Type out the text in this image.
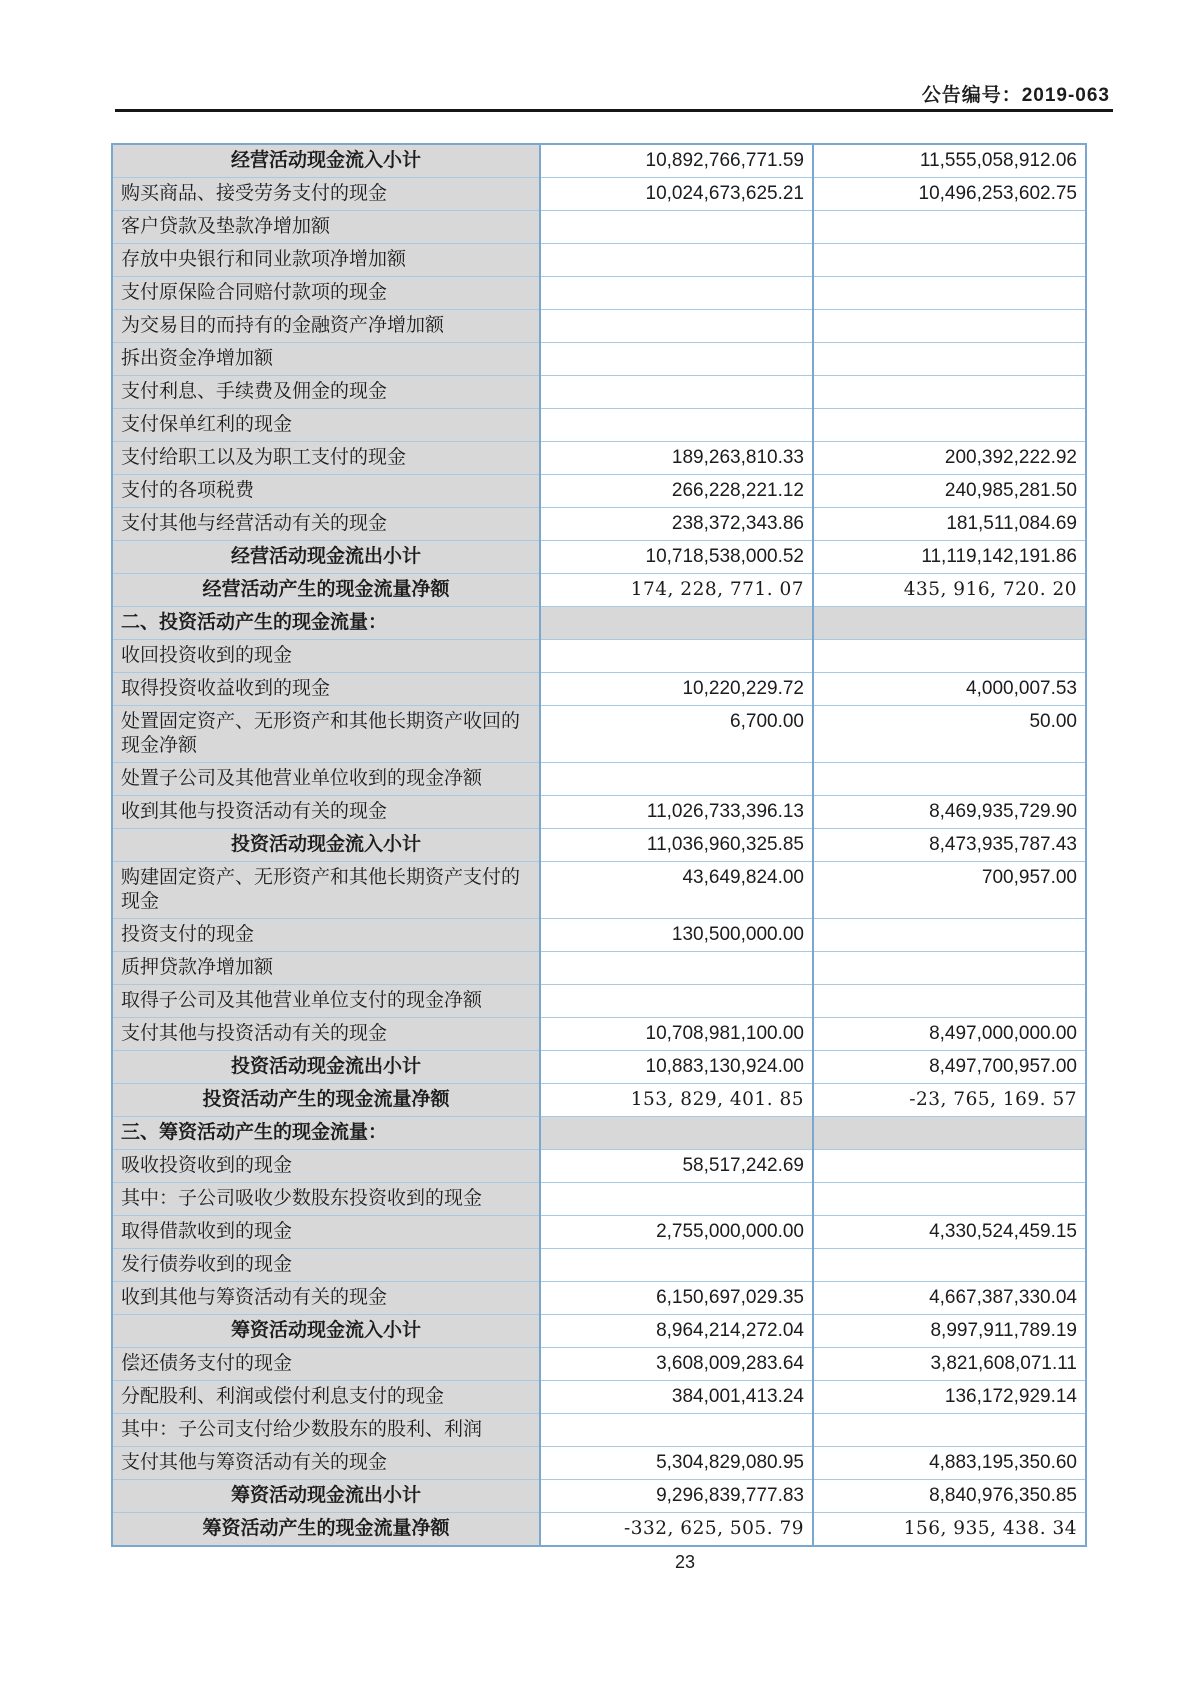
公告编号：2019-063
经营活动现金流入小计	10,892,766,771.59	11,555,058,912.06
购买商品、接受劳务支付的现金	10,024,673,625.21	10,496,253,602.75
客户贷款及垫款净增加额		
存放中央银行和同业款项净增加额		
支付原保险合同赔付款项的现金		
为交易目的而持有的金融资产净增加额		
拆出资金净增加额		
支付利息、手续费及佣金的现金		
支付保单红利的现金		
支付给职工以及为职工支付的现金	189,263,810.33	200,392,222.92
支付的各项税费	266,228,221.12	240,985,281.50
支付其他与经营活动有关的现金	238,372,343.86	181,511,084.69
经营活动现金流出小计	10,718,538,000.52	11,119,142,191.86
经营活动产生的现金流量净额	174, 228, 771. 07	435, 916, 720. 20
二、投资活动产生的现金流量：		
收回投资收到的现金		
取得投资收益收到的现金	10,220,229.72	4,000,007.53
处置固定资产、无形资产和其他长期资产收回的现金净额	6,700.00	50.00
处置子公司及其他营业单位收到的现金净额		
收到其他与投资活动有关的现金	11,026,733,396.13	8,469,935,729.90
投资活动现金流入小计	11,036,960,325.85	8,473,935,787.43
购建固定资产、无形资产和其他长期资产支付的现金	43,649,824.00	700,957.00
投资支付的现金	130,500,000.00	
质押贷款净增加额		
取得子公司及其他营业单位支付的现金净额		
支付其他与投资活动有关的现金	10,708,981,100.00	8,497,000,000.00
投资活动现金流出小计	10,883,130,924.00	8,497,700,957.00
投资活动产生的现金流量净额	153, 829, 401. 85	-23, 765, 169. 57
三、筹资活动产生的现金流量：		
吸收投资收到的现金	58,517,242.69	
其中：子公司吸收少数股东投资收到的现金		
取得借款收到的现金	2,755,000,000.00	4,330,524,459.15
发行债券收到的现金		
收到其他与筹资活动有关的现金	6,150,697,029.35	4,667,387,330.04
筹资活动现金流入小计	8,964,214,272.04	8,997,911,789.19
偿还债务支付的现金	3,608,009,283.64	3,821,608,071.11
分配股利、利润或偿付利息支付的现金	384,001,413.24	136,172,929.14
其中：子公司支付给少数股东的股利、利润		
支付其他与筹资活动有关的现金	5,304,829,080.95	4,883,195,350.60
筹资活动现金流出小计	9,296,839,777.83	8,840,976,350.85
筹资活动产生的现金流量净额	-332, 625, 505. 79	156, 935, 438. 34
23
